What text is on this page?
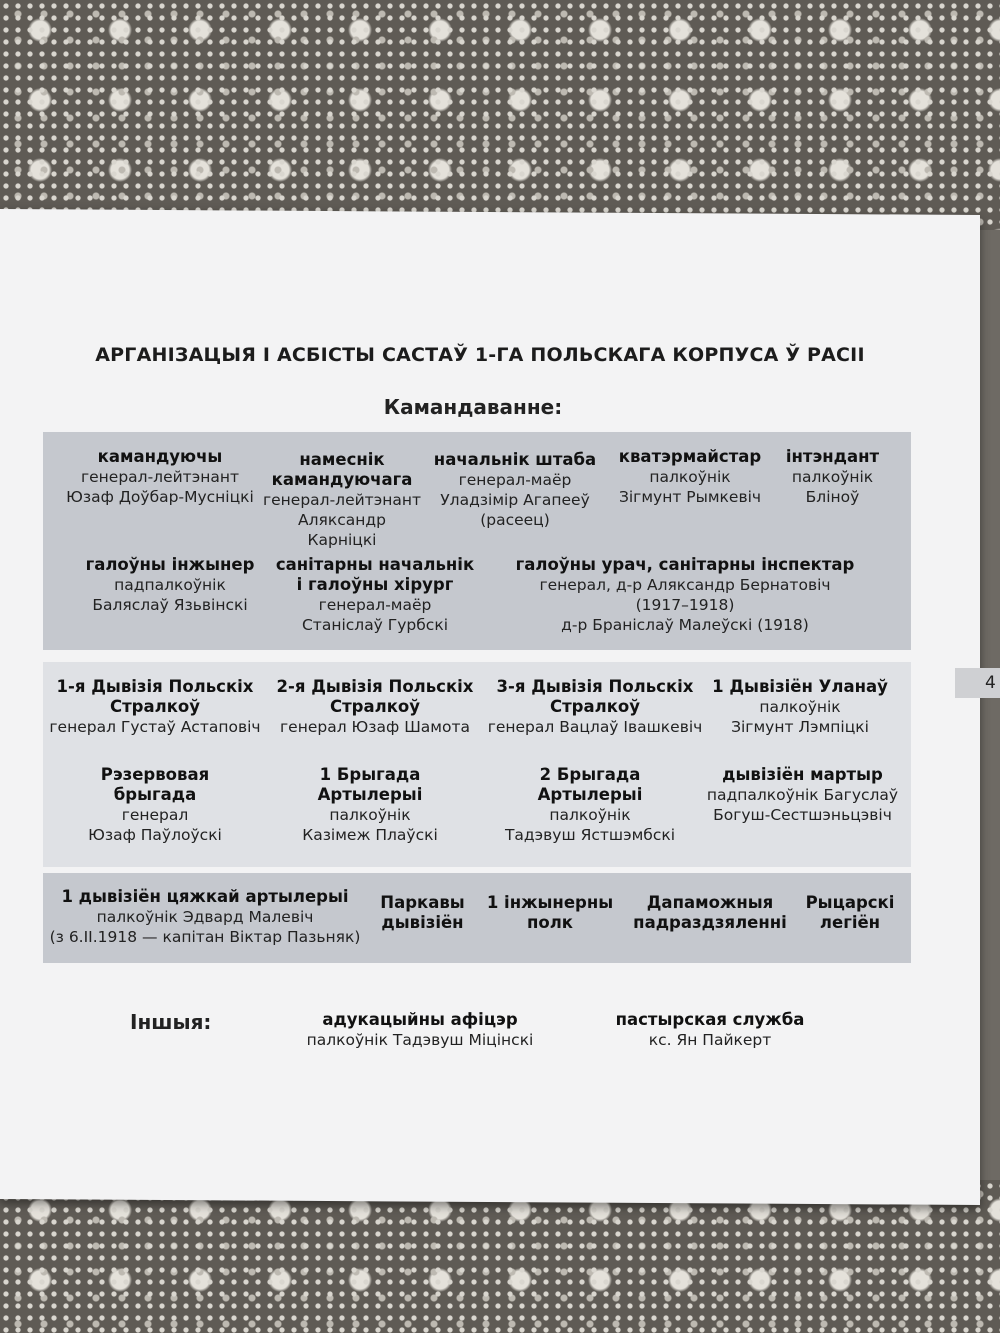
4
АРГАНІЗАЦЫЯ І АСБІСТЫ САСТАЎ 1-ГА ПОЛЬСКАГА КОРПУСА Ў РАСІІ
Камандаванне:
камандуючы
генерал-лейтэнант
Юзаф Доўбар-Мусніцкі
намеснік камандуючага
генерал-лейтэнант
Аляксандр Карніцкі
начальнік штаба
генерал-маёр
Уладзімір Агапееў
(расеец)
кватэрмайстар
палкоўнік
Зігмунт Рымкевіч
інтэндант
палкоўнік
Бліноў
галоўны інжынер
падпалкоўнік
Баляслаў Язьвінскі
санітарны начальнік і галоўны хірург
генерал-маёр
Станіслаў Гурбскі
галоўны урач, санітарны інспектар
генерал, д-р Аляксандр Бернатовіч
(1917–1918)
д-р Браніслаў Малеўскі (1918)
1-я Дывізія Польскіх Стралкоў
генерал Густаў Астаповіч
2-я Дывізія Польскіх Стралкоў
генерал Юзаф Шамота
3-я Дывізія Польскіх Стралкоў
генерал Вацлаў Івашкевіч
1 Дывізіён Уланаў
палкоўнік
Зігмунт Лэмпіцкі
Рэзервовая брыгада
генерал
Юзаф Паўлоўскі
1 Брыгада Артылерыі
палкоўнік
Казімеж Плаўскі
2 Брыгада Артылерыі
палкоўнік
Тадэвуш Ястшэмбскі
дывізіён мартыр
падпалкоўнік Багуслаў
Богуш-Сестшэньцэвіч
1 дывізіён цяжкай артылерыі
палкоўнік Эдвард Малевіч
(з 6.ІІ.1918 — капітан Віктар Пазьняк)
Паркавы дывізіён
1 інжынерны полк
Дапаможныя падраздзяленні
Рыцарскі легіён
Іншыя:	адукацыйны афіцэр
палкоўнік Тадэвуш Міцінскі
пастырская служба
кс. Ян Пайкерт
